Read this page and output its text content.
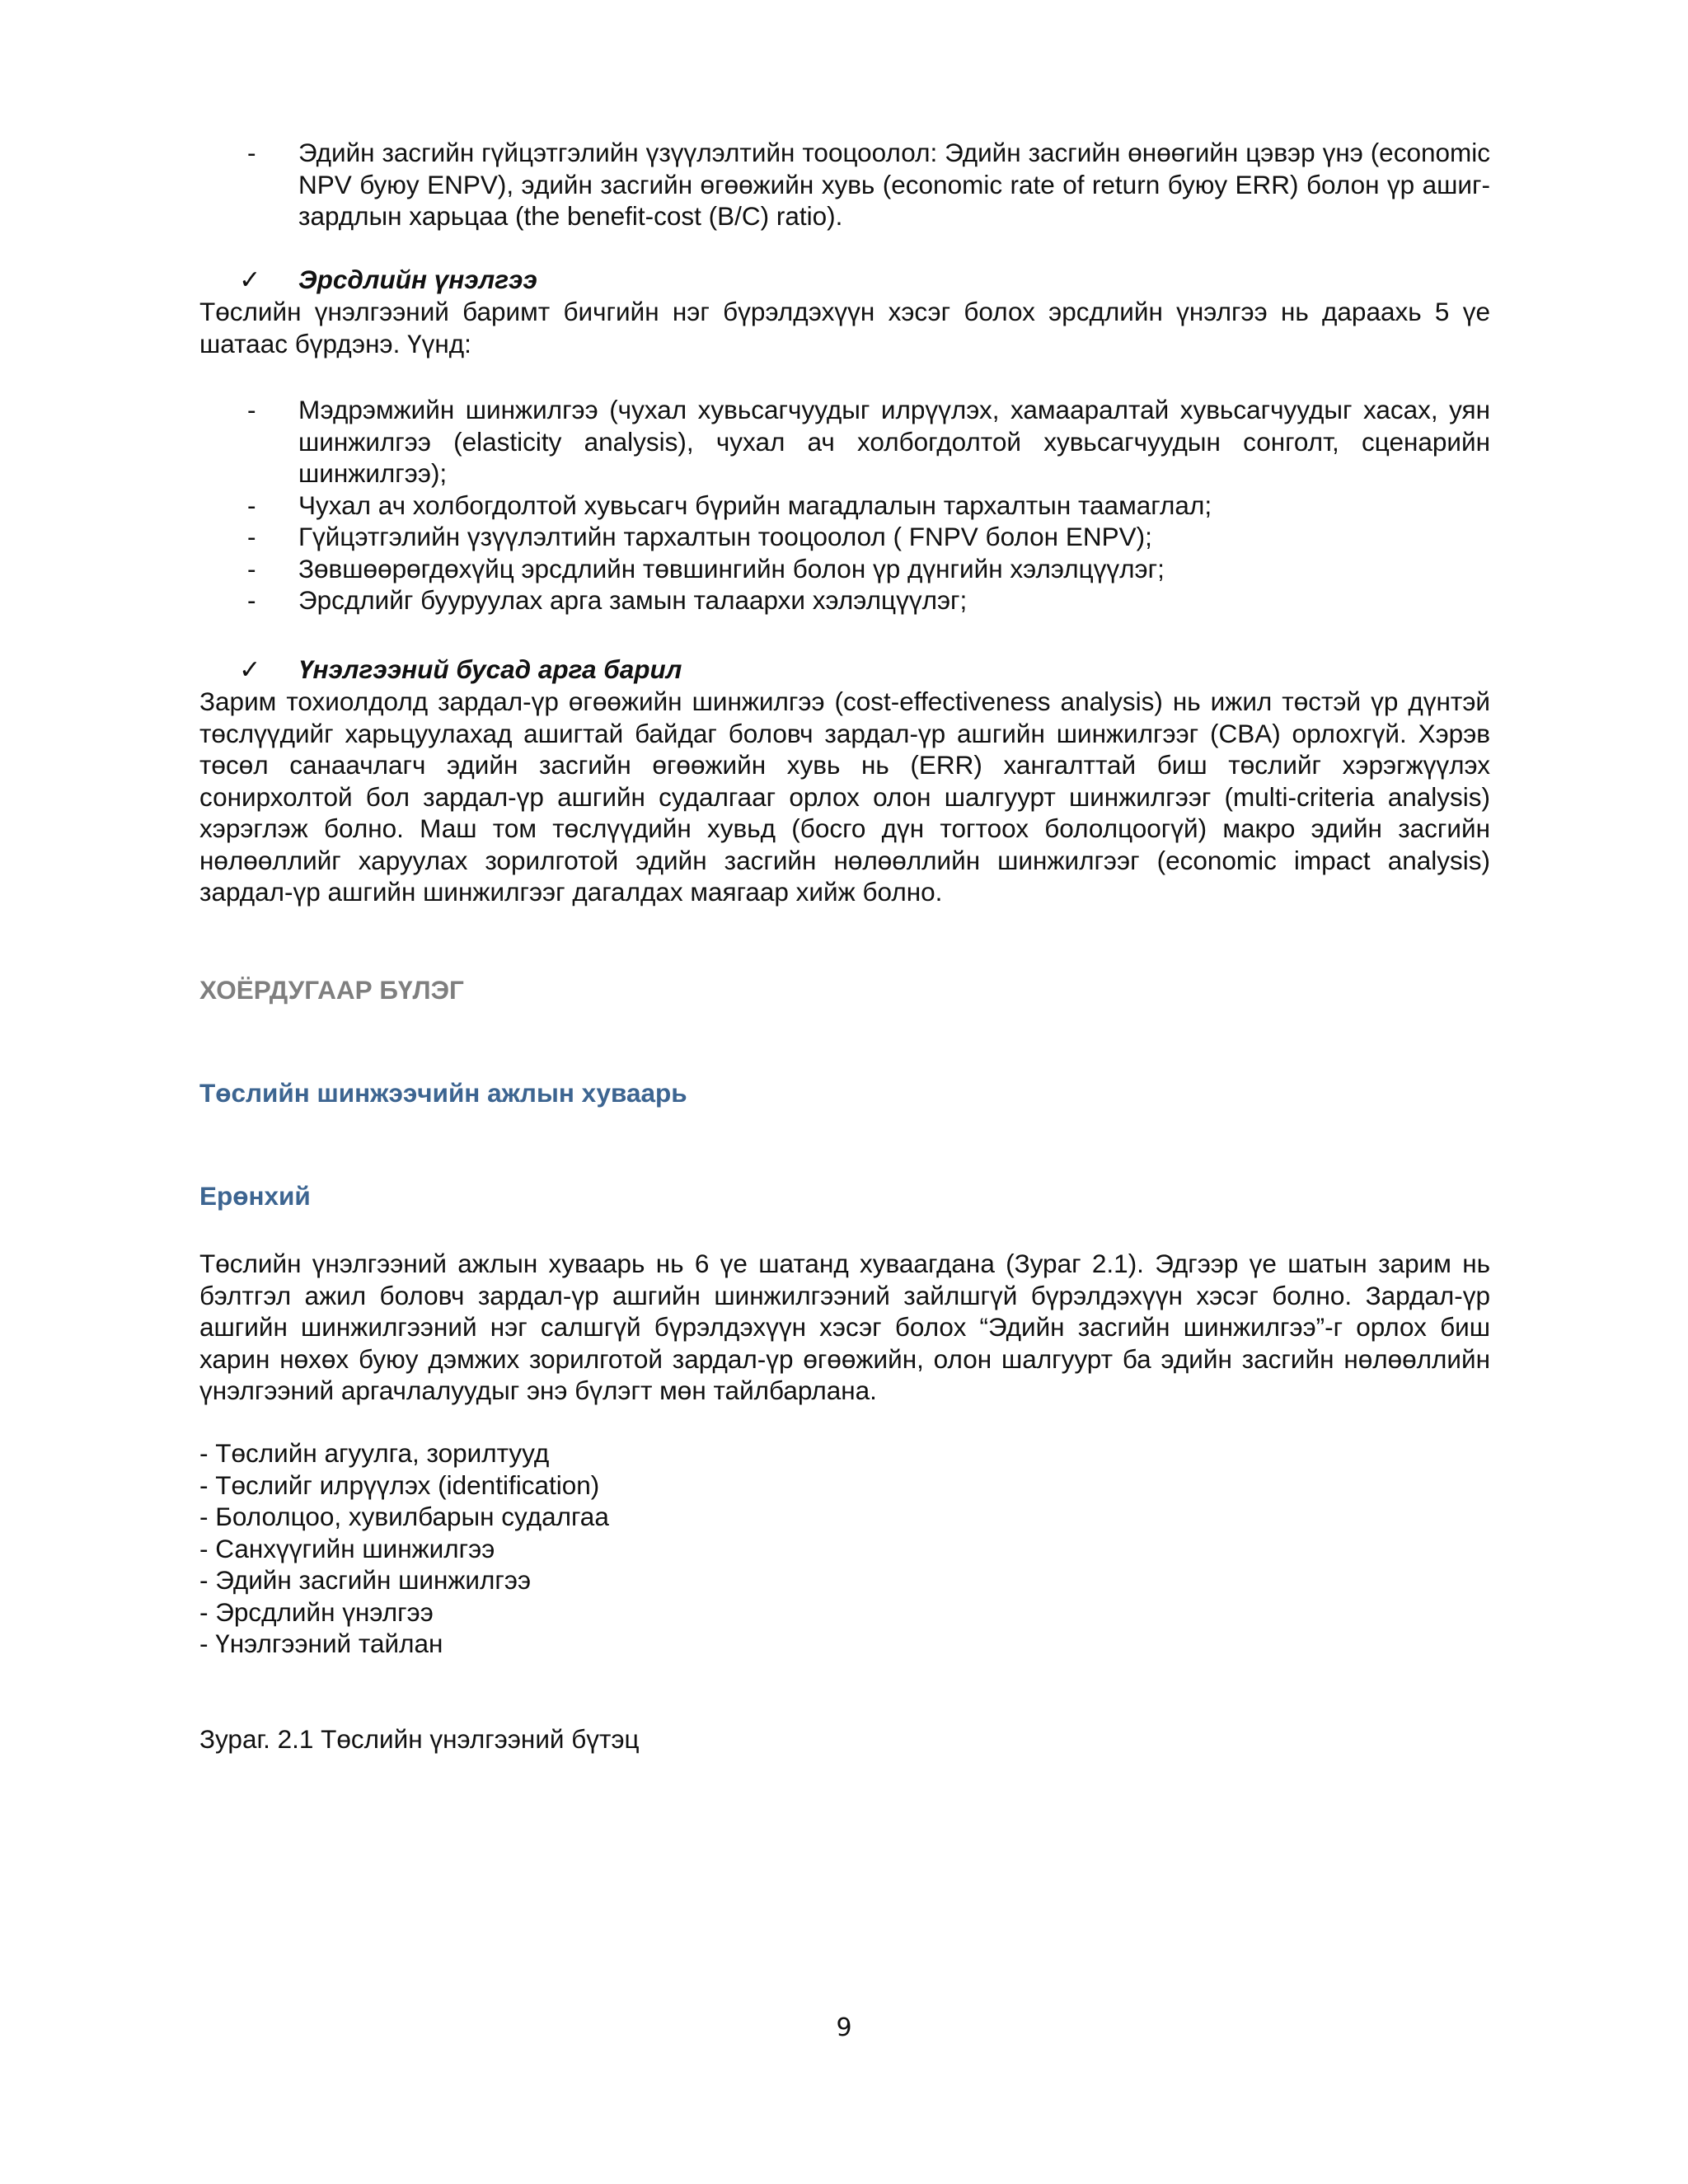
- Эдийн засгийн гүйцэтгэлийн үзүүлэлтийн тооцоолол: Эдийн засгийн өнөөгийн цэвэр үнэ (economic NPV буюу ENPV), эдийн засгийн өгөөжийн хувь (economic rate of return буюу ERR) болон үр ашиг-зардлын харьцаа (the benefit-cost (B/C) ratio).
✓ Эрсдлийн үнэлгээ
Төслийн үнэлгээний баримт бичгийн нэг бүрэлдэхүүн хэсэг болох эрсдлийн үнэлгээ нь дараахь 5 үе шатаас бүрдэнэ. Үүнд:
- Мэдрэмжийн шинжилгээ (чухал хувьсагчуудыг илрүүлэх, хамааралтай хувьсагчуудыг хасах, уян шинжилгээ (elasticity analysis), чухал ач холбогдолтой хувьсагчуудын сонголт, сценарийн шинжилгээ);
- Чухал ач холбогдолтой хувьсагч бүрийн магадлалын тархалтын таамаглал;
- Гүйцэтгэлийн үзүүлэлтийн тархалтын тооцоолол ( FNPV болон ENPV);
- Зөвшөөрөгдөхүйц эрсдлийн төвшингийн болон үр дүнгийн хэлэлцүүлэг;
- Эрсдлийг бууруулах арга замын талаархи хэлэлцүүлэг;
✓ Үнэлгээний бусад арга барил
Зарим тохиолдолд зардал-үр өгөөжийн шинжилгээ (cost-effectiveness analysis) нь ижил төстэй үр дүнтэй төслүүдийг харьцуулахад ашигтай байдаг боловч зардал-үр ашгийн шинжилгээг (CBA) орлохгүй. Хэрэв төсөл санаачлагч эдийн засгийн өгөөжийн хувь нь (ERR) хангалттай биш төслийг хэрэгжүүлэх сонирхолтой бол зардал-үр ашгийн судалгааг орлох олон шалгуурт шинжилгээг (multi-criteria analysis) хэрэглэж болно. Маш том төслүүдийн хувьд (босго дүн тогтоох бололцоогүй) макро эдийн засгийн нөлөөллийг харуулах зорилготой эдийн засгийн нөлөөллийн шинжилгээг (economic impact analysis) зардал-үр ашгийн шинжилгээг дагалдах маягаар хийж болно.
ХОЁРДУГААР БҮЛЭГ
Төслийн шинжээчийн ажлын хуваарь
Ерөнхий
Төслийн үнэлгээний ажлын хуваарь нь 6 үе шатанд хуваагдана (Зураг 2.1). Эдгээр үе шатын зарим нь бэлтгэл ажил боловч зардал-үр ашгийн шинжилгээний зайлшгүй бүрэлдэхүүн хэсэг болно. Зардал-үр ашгийн шинжилгээний нэг салшгүй бүрэлдэхүүн хэсэг болох “Эдийн засгийн шинжилгээ”-г орлох биш харин нөхөх буюу дэмжих зорилготой зардал-үр өгөөжийн, олон шалгуурт ба эдийн засгийн нөлөөллийн үнэлгээний аргачлалуудыг энэ бүлэгт мөн тайлбарлана.
- Төслийн агуулга, зорилтууд
- Төслийг илрүүлэх (identification)
- Бололцоо, хувилбарын судалгаа
- Санхүүгийн шинжилгээ
- Эдийн засгийн шинжилгээ
- Эрсдлийн үнэлгээ
- Үнэлгээний тайлан
Зураг. 2.1 Төслийн үнэлгээний бүтэц
9
